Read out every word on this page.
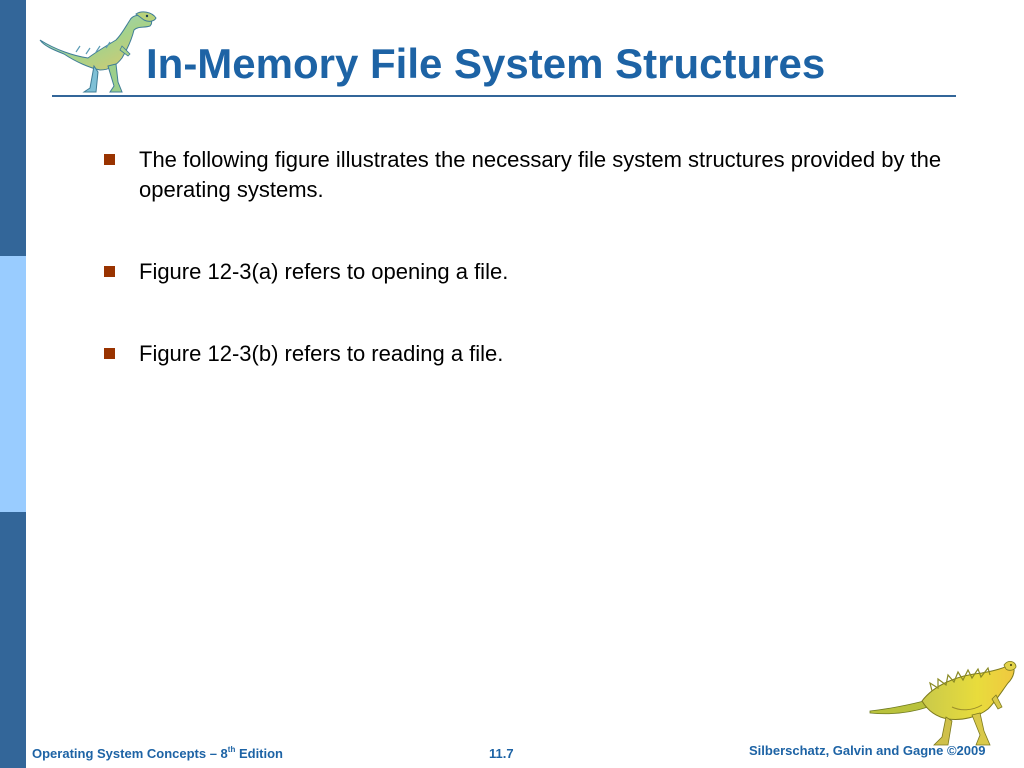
In-Memory File System Structures
The following figure illustrates the necessary file system structures provided by the operating systems.
Figure 12-3(a) refers to opening a file.
Figure 12-3(b) refers to reading a file.
Operating System Concepts – 8th Edition	11.7	Silberschatz, Galvin and Gagne ©2009
